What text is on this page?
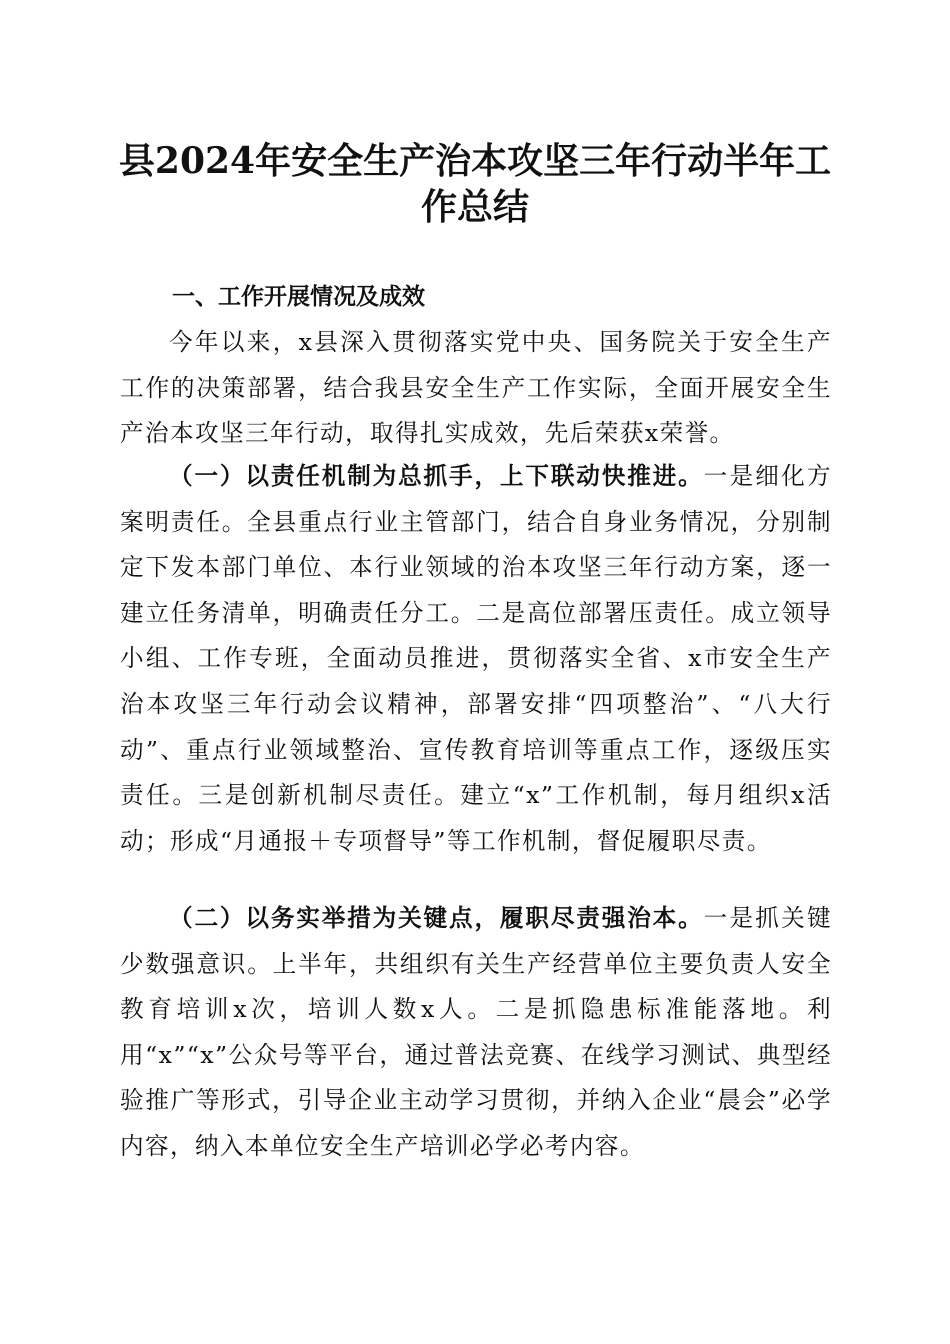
县2024年安全生产治本攻坚三年行动半年工
作总结
一、工作开展情况及成效

今年以来，x县深入贯彻落实党中央、国务院关于安全生产工作的决策部署，结合我县安全生产工作实际，全面开展安全生产治本攻坚三年行动，取得扎实成效，先后荣获x荣誉。

（一）以责任机制为总抓手，上下联动快推进。一是细化方案明责任。全县重点行业主管部门，结合自身业务情况，分别制定下发本部门单位、本行业领域的治本攻坚三年行动方案，逐一建立任务清单，明确责任分工。二是高位部署压责任。成立领导小组、工作专班，全面动员推进，贯彻落实全省、x市安全生产治本攻坚三年行动会议精神，部署安排“四项整治”、“八大行动”、重点行业领域整治、宣传教育培训等重点工作，逐级压实责任。三是创新机制尽责任。建立“x”工作机制，每月组织x活动；形成“月通报＋专项督导”等工作机制，督促履职尽责。

（二）以务实举措为关键点，履职尽责强治本。一是抓关键少数强意识。上半年，共组织有关生产经营单位主要负责人安全教育培训x次，培训人数x人。二是抓隐患标准能落地。利用“x”“x”公众号等平台，通过普法竞赛、在线学习测试、典型经验推广等形式，引导企业主动学习贯彻，并纳入企业“晨会”必学内容，纳入本单位安全生产培训必学必考内容。
